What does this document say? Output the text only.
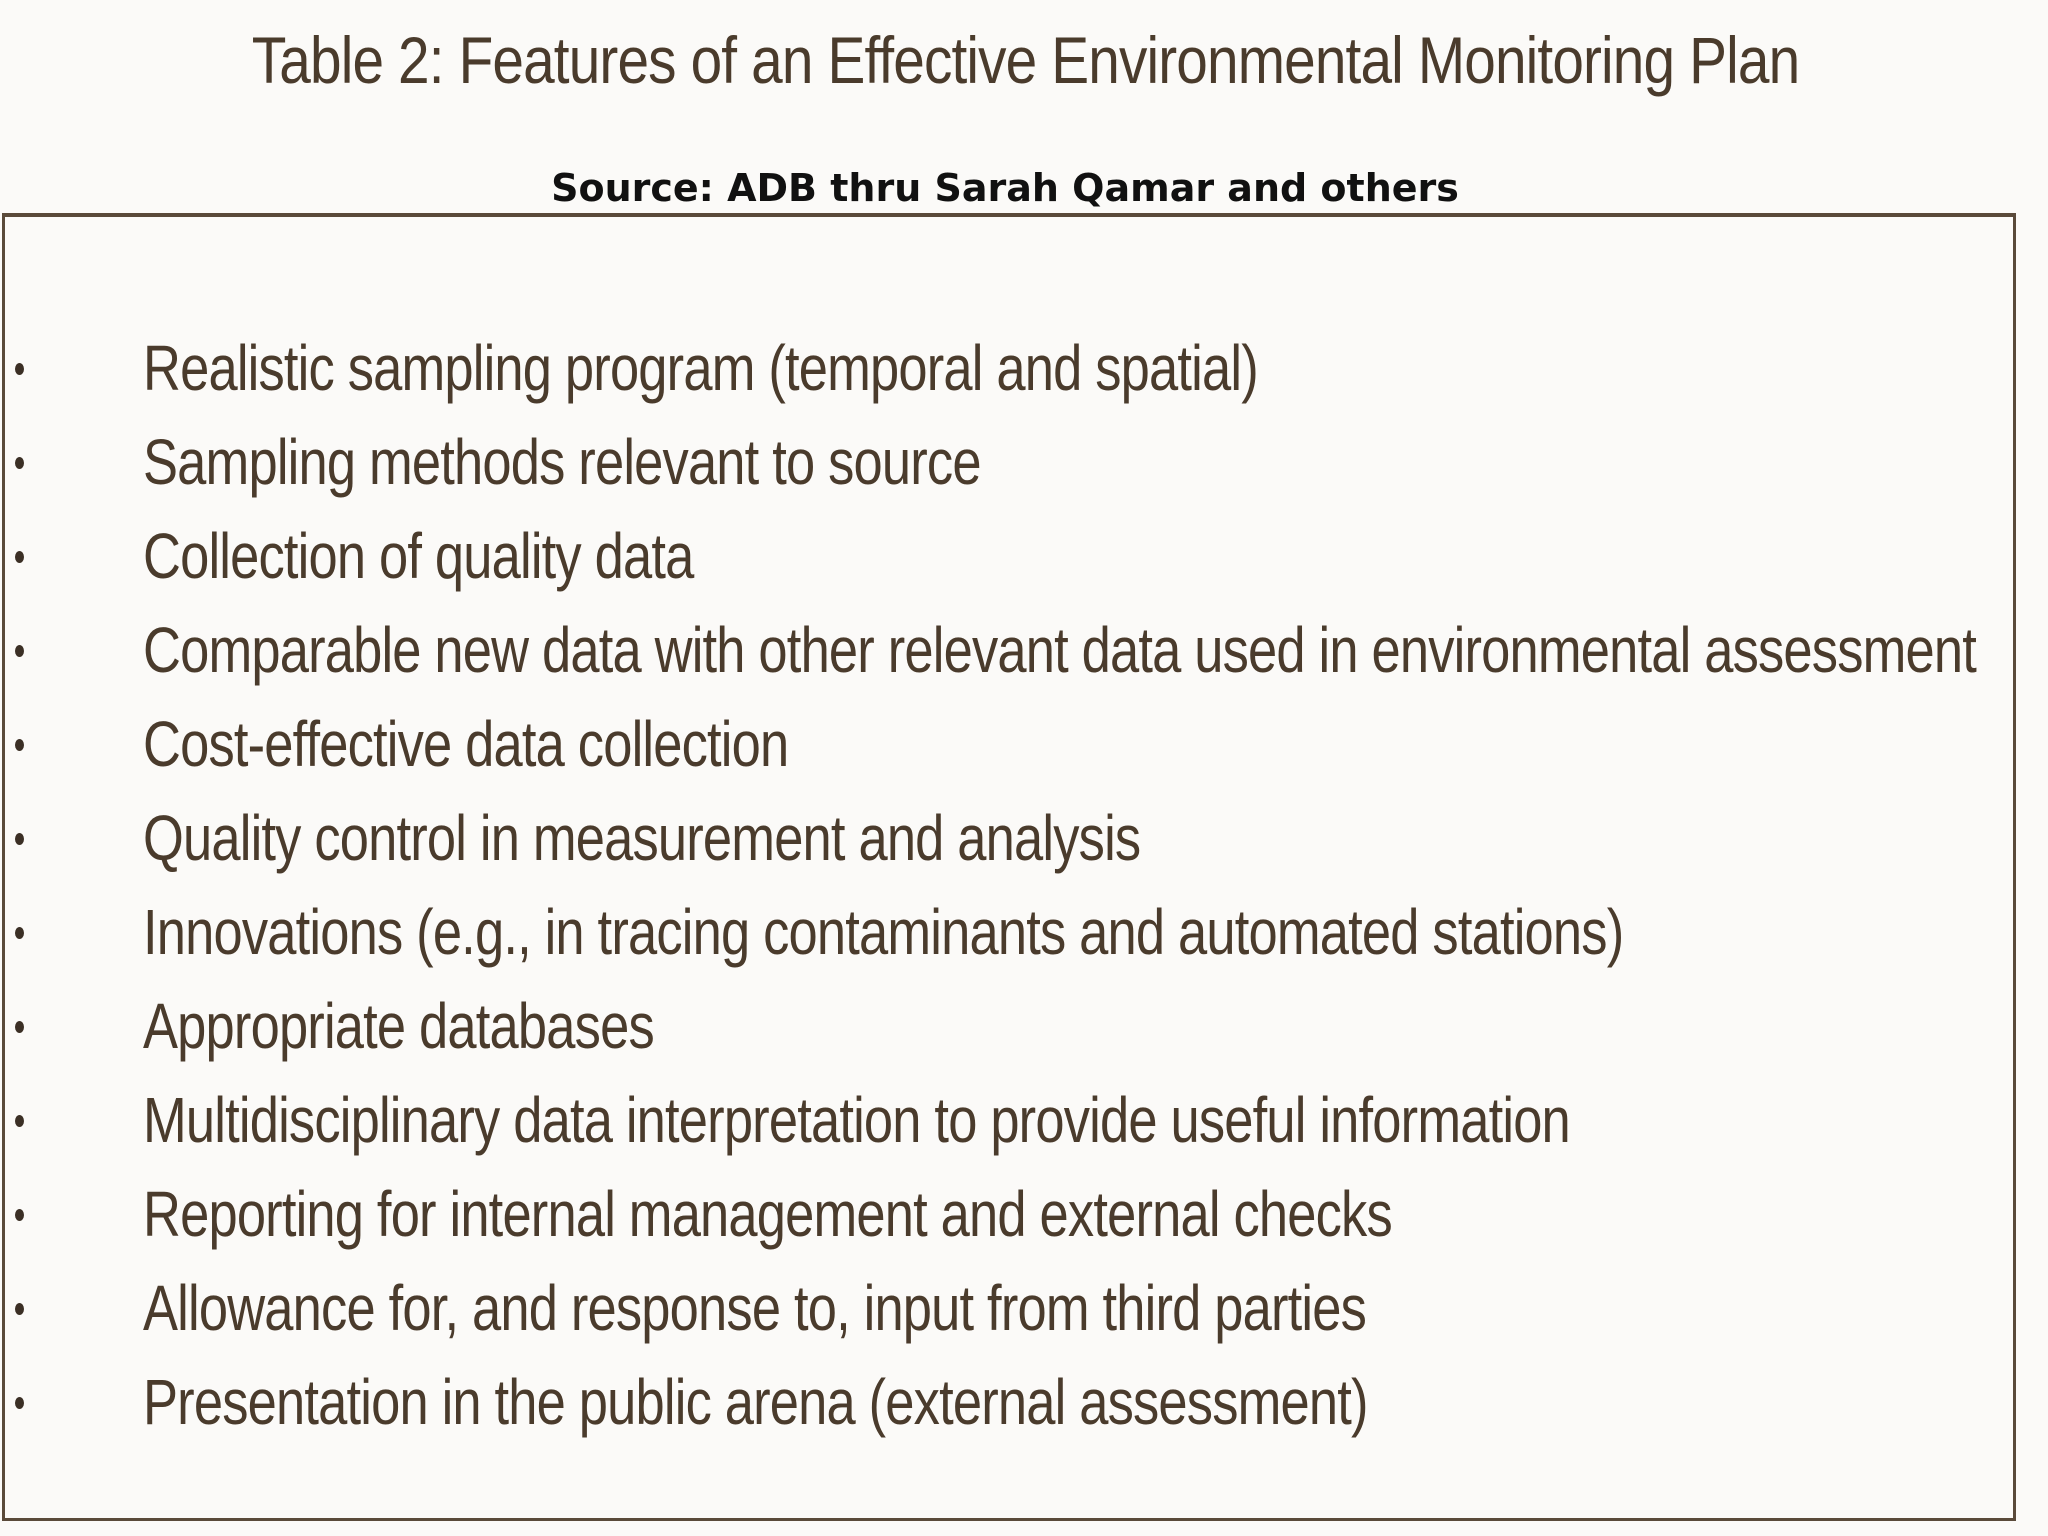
Table 2: Features of an Effective Environmental Monitoring Plan
Source: ADB thru Sarah Qamar and others
Realistic sampling program (temporal and spatial)
Sampling methods relevant to source
Collection of quality data
Comparable new data with other relevant data used in environmental assessment
Cost-effective data collection
Quality control in measurement and analysis
Innovations (e.g., in tracing contaminants and automated stations)
Appropriate databases
Multidisciplinary data interpretation to provide useful information
Reporting for internal management and external checks
Allowance for, and response to, input from third parties
Presentation in the public arena (external assessment)
